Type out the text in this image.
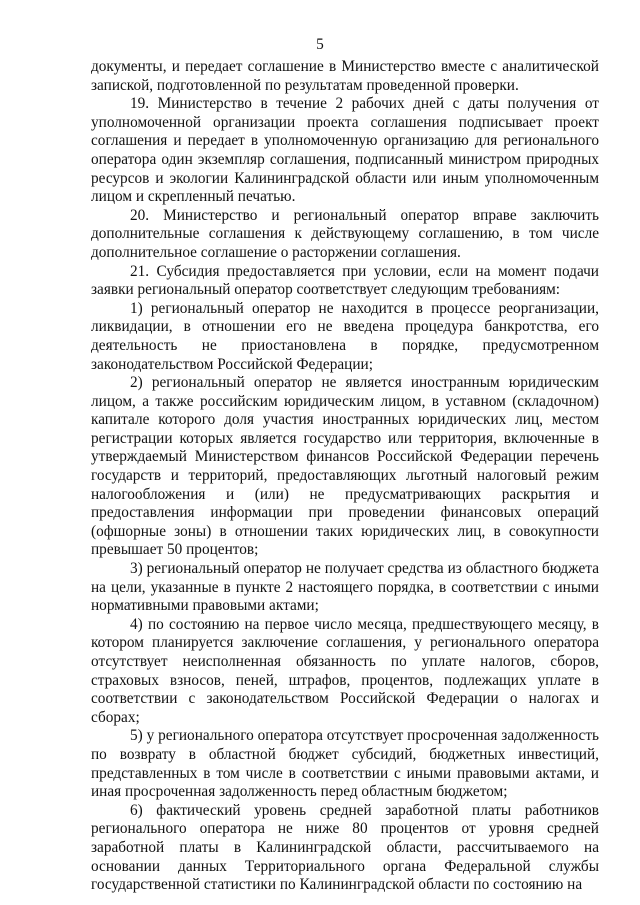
5

документы, и передает соглашение в Министерство вместе с аналитической запиской, подготовленной по результатам проведенной проверки.

19. Министерство в течение 2 рабочих дней с даты получения от уполномоченной организации проекта соглашения подписывает проект соглашения и передает в уполномоченную организацию для регионального оператора один экземпляр соглашения, подписанный министром природных ресурсов и экологии Калининградской области или иным уполномоченным лицом и скрепленный печатью.

20. Министерство и региональный оператор вправе заключить дополнительные соглашения к действующему соглашению, в том числе дополнительное соглашение о расторжении соглашения.

21. Субсидия предоставляется при условии, если на момент подачи заявки региональный оператор соответствует следующим требованиям:

1) региональный оператор не находится в процессе реорганизации, ликвидации, в отношении его не введена процедура банкротства, его деятельность не приостановлена в порядке, предусмотренном законодательством Российской Федерации;

2) региональный оператор не является иностранным юридическим лицом, а также российским юридическим лицом, в уставном (складочном) капитале которого доля участия иностранных юридических лиц, местом регистрации которых является государство или территория, включенные в утверждаемый Министерством финансов Российской Федерации перечень государств и территорий, предоставляющих льготный налоговый режим налогообложения и (или) не предусматривающих раскрытия и предоставления информации при проведении финансовых операций (офшорные зоны) в отношении таких юридических лиц, в совокупности превышает 50 процентов;

3) региональный оператор не получает средства из областного бюджета на цели, указанные в пункте 2 настоящего порядка, в соответствии с иными нормативными правовыми актами;

4) по состоянию на первое число месяца, предшествующего месяцу, в котором планируется заключение соглашения, у регионального оператора отсутствует неисполненная обязанность по уплате налогов, сборов, страховых взносов, пеней, штрафов, процентов, подлежащих уплате в соответствии с законодательством Российской Федерации о налогах и сборах;

5) у регионального оператора отсутствует просроченная задолженность по возврату в областной бюджет субсидий, бюджетных инвестиций, представленных в том числе в соответствии с иными правовыми актами, и иная просроченная задолженность перед областным бюджетом;

6) фактический уровень средней заработной платы работников регионального оператора не ниже 80 процентов от уровня средней заработной платы в Калининградской области, рассчитываемого на основании данных Территориального органа Федеральной службы государственной статистики по Калининградской области по состоянию на
